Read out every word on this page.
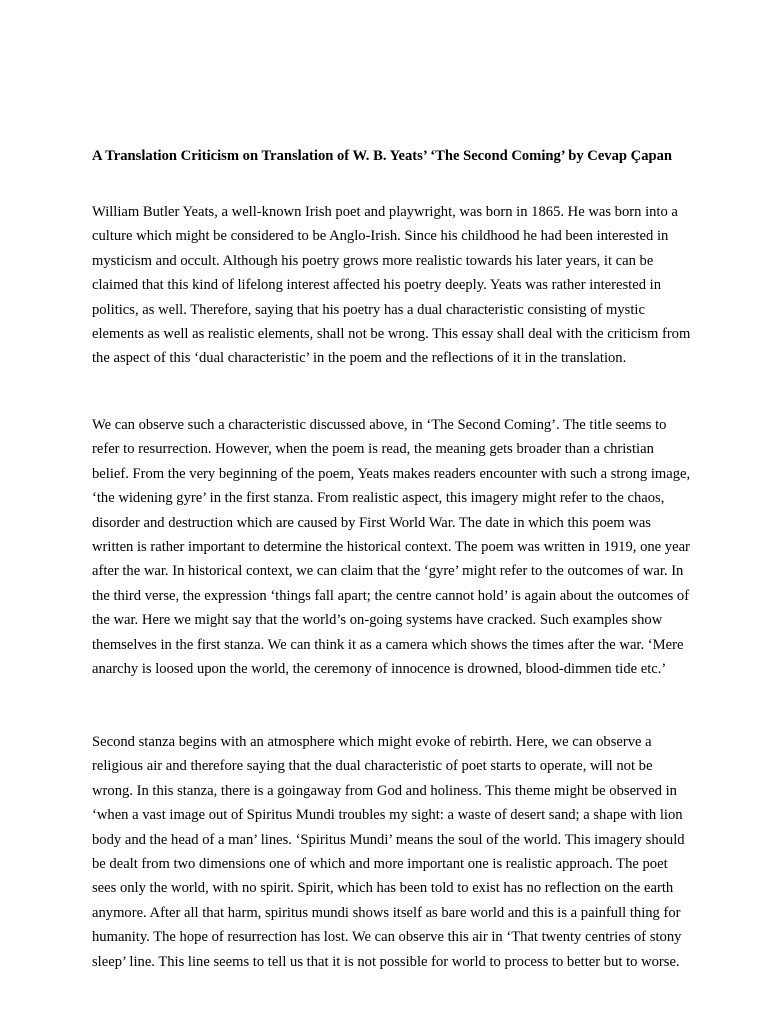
A Translation Criticism on Translation of W. B. Yeats’ ‘The Second Coming’ by Cevap Çapan

William Butler Yeats, a well-known Irish poet and playwright, was born in 1865. He was born into a
culture which might be considered to be Anglo-Irish. Since his childhood he had been interested in
mysticism and occult. Although his poetry grows more realistic towards his later years, it can be
claimed that this kind of lifelong interest affected his poetry deeply. Yeats was rather interested in
politics, as well. Therefore, saying that his poetry has a dual characteristic consisting of mystic
elements as well as realistic elements, shall not be wrong. This essay shall deal with the criticism from
the aspect of this ‘dual characteristic’ in the poem and the reflections of it in the translation.

We can observe such a characteristic discussed above, in ‘The Second Coming’. The title seems to
refer to resurrection. However, when the poem is read, the meaning gets broader than a christian
belief. From the very beginning of the poem, Yeats makes readers encounter with such a strong image,
‘the widening gyre’ in the first stanza. From realistic aspect, this imagery might refer to the chaos,
disorder and destruction which are caused by First World War. The date in which this poem was
written is rather important to determine the historical context. The poem was written in 1919, one year
after the war. In historical context, we can claim that the ‘gyre’ might refer to the outcomes of war. In
the third verse, the expression ‘things fall apart; the centre cannot hold’ is again about the outcomes of
the war. Here we might say that the world’s on-going systems have cracked. Such examples show
themselves in the first stanza. We can think it as a camera which shows the times after the war. ‘Mere
anarchy is loosed upon the world, the ceremony of innocence is drowned, blood-dimmen tide etc.’

Second stanza begins with an atmosphere which might evoke of rebirth. Here, we can observe a
religious air and therefore saying that the dual characteristic of poet starts to operate, will not be
wrong. In this stanza, there is a goingaway from God and holiness. This theme might be observed in
‘when a vast image out of Spiritus Mundi troubles my sight: a waste of desert sand; a shape with lion
body and the head of a man’ lines. ‘Spiritus Mundi’ means the soul of the world. This imagery should
be dealt from two dimensions one of which and more important one is realistic approach. The poet
sees only the world, with no spirit. Spirit, which has been told to exist has no reflection on the earth
anymore. After all that harm, spiritus mundi shows itself as bare world and this is a painfull thing for
humanity. The hope of resurrection has lost. We can observe this air in ‘That twenty centries of stony
sleep’ line. This line seems to tell us that it is not possible for world to process to better but to worse.
